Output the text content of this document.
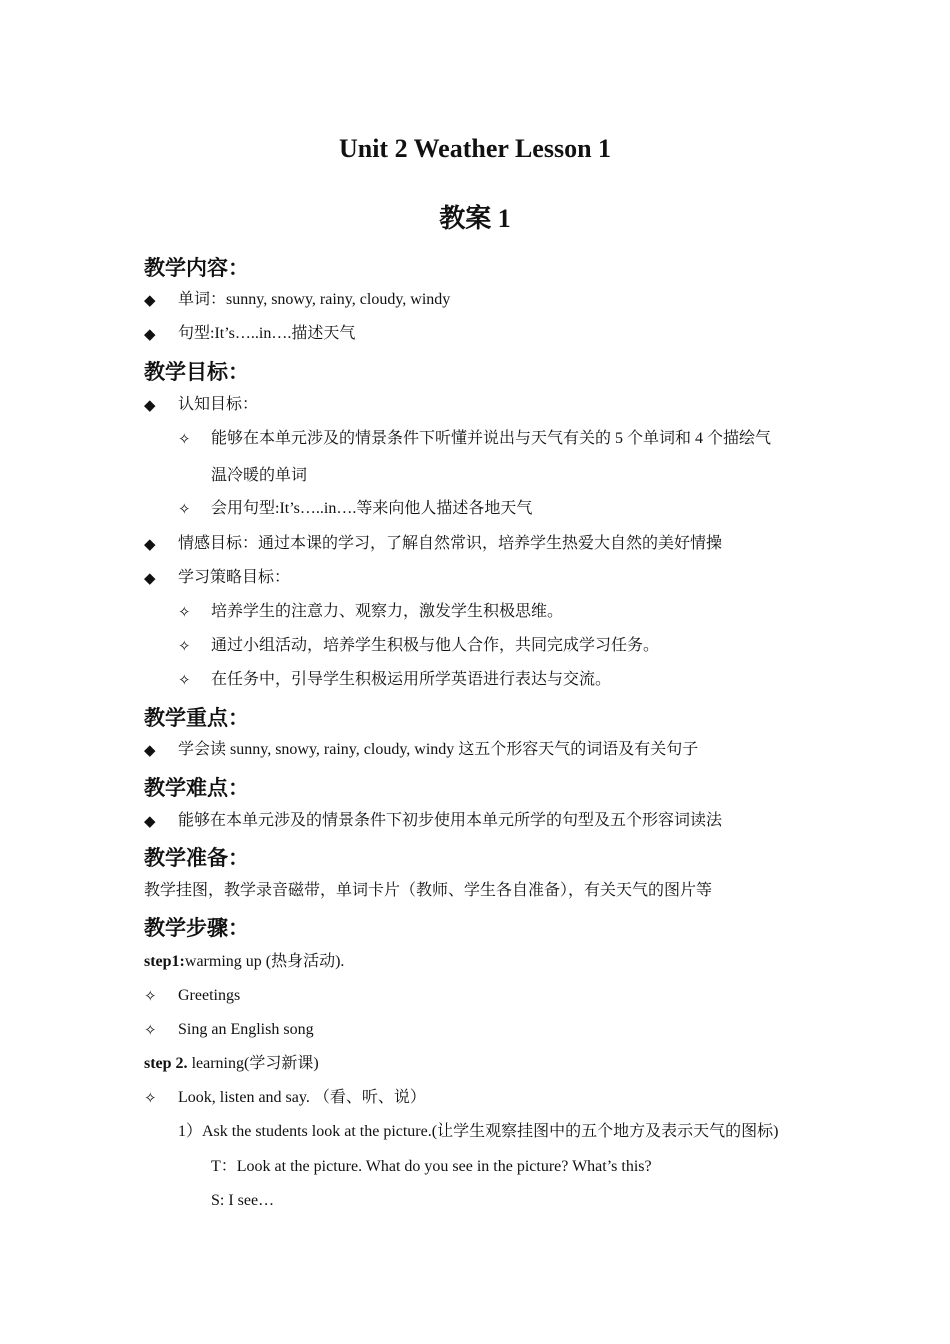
Unit 2 Weather Lesson 1
教案 1
教学内容：
◆ 单词：sunny, snowy, rainy, cloudy, windy
◆ 句型:It’s…..in….描述天气
教学目标：
◆ 认知目标：
✧ 能够在本单元涉及的情景条件下听懂并说出与天气有关的 5 个单词和 4 个描绘气
温冷暖的单词
✧ 会用句型:It’s…..in….等来向他人描述各地天气
◆ 情感目标：通过本课的学习，了解自然常识，培养学生热爱大自然的美好情操
◆ 学习策略目标：
✧ 培养学生的注意力、观察力，激发学生积极思维。
✧ 通过小组活动，培养学生积极与他人合作，共同完成学习任务。
✧ 在任务中，引导学生积极运用所学英语进行表达与交流。
教学重点：
◆ 学会读 sunny, snowy, rainy, cloudy, windy 这五个形容天气的词语及有关句子
教学难点：
◆ 能够在本单元涉及的情景条件下初步使用本单元所学的句型及五个形容词读法
教学准备：
教学挂图，教学录音磁带，单词卡片（教师、学生各自准备），有关天气的图片等
教学步骤：
step1:warming up (热身活动).
✧ Greetings
✧ Sing an English song
step 2. learning(学习新课)
✧ Look, listen and say. （看、听、说）
1）Ask the students look at the picture.(让学生观察挂图中的五个地方及表示天气的图标)
T：Look at the picture. What do you see in the picture? What’s this?
S: I see…
